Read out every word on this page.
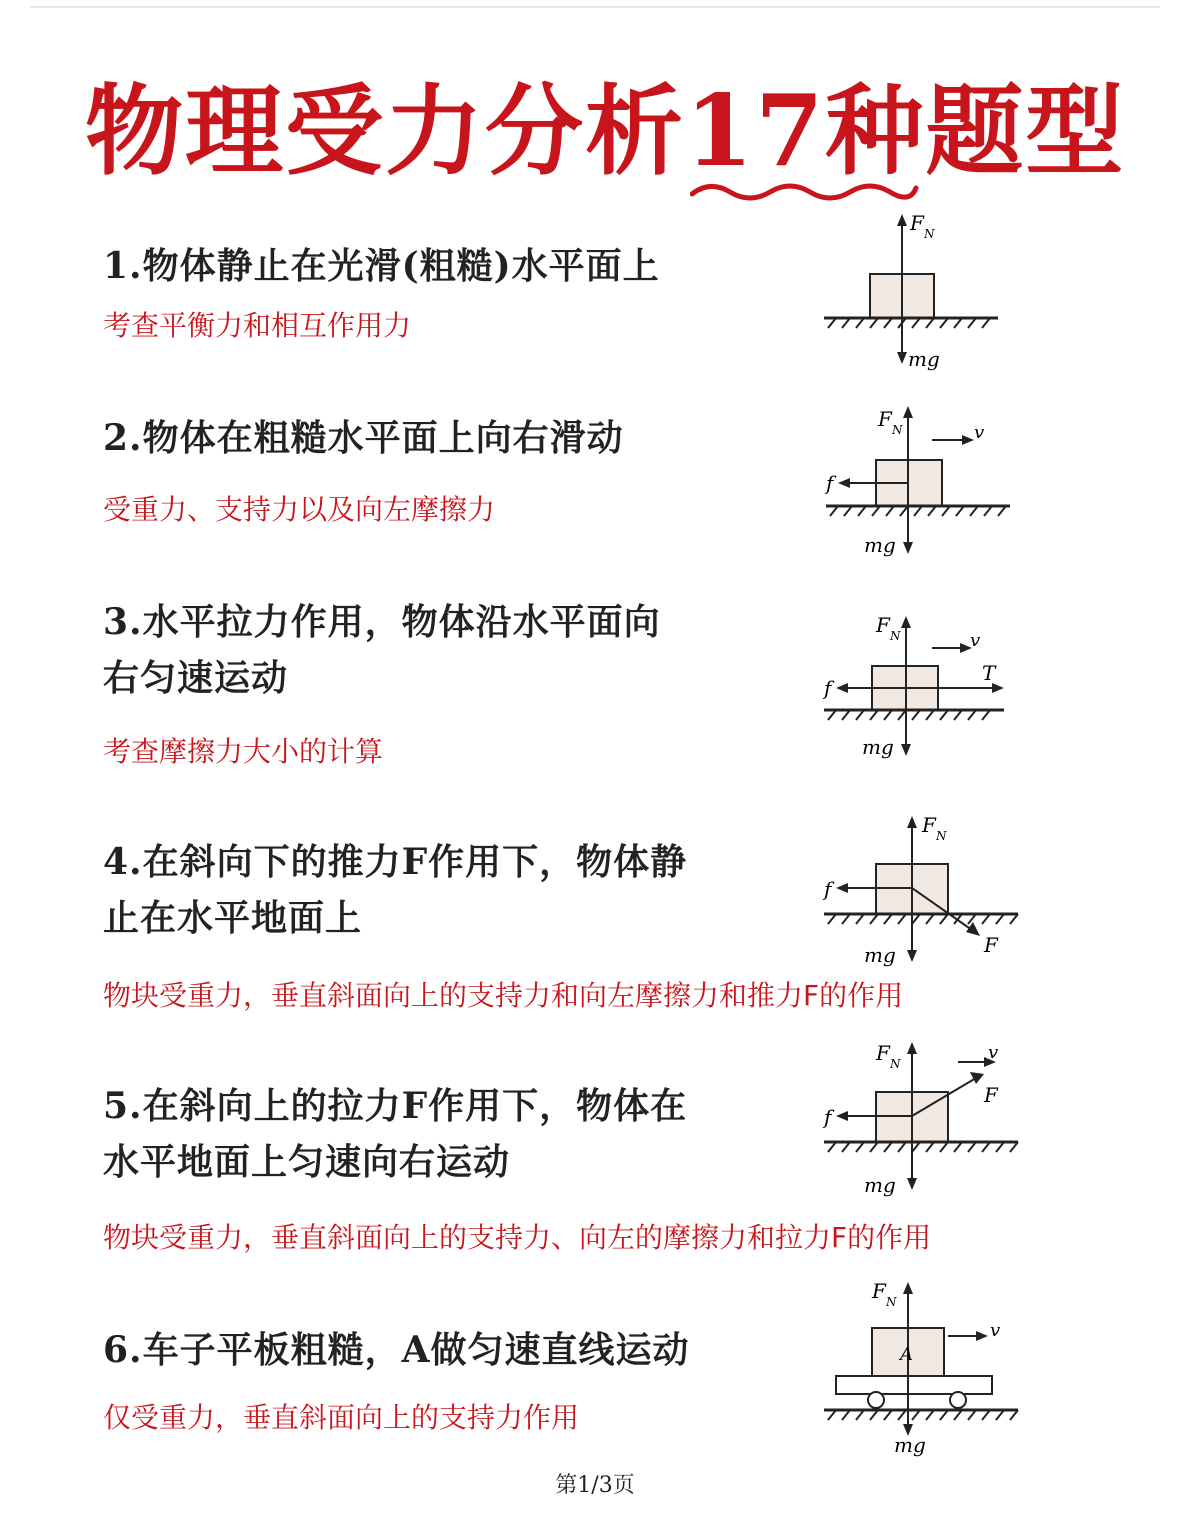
物理受力分析17种题型
1.物体静止在光滑(粗糙)水平面上
考查平衡力和相互作用力
F N
mg
2.物体在粗糙水平面上向右滑动
受重力、支持力以及向左摩擦力
F N
f
v
mg
3.水平拉力作用，物体沿水平面向
右匀速运动
考查摩擦力大小的计算
F N
f
v
T
mg
4.在斜向下的推力F作用下，物体静
止在水平地面上
物块受重力，垂直斜面向上的支持力和向左摩擦力和推力F的作用
F N
f
F
mg
5.在斜向上的拉力F作用下，物体在
水平地面上匀速向右运动
物块受重力，垂直斜面向上的支持力、向左的摩擦力和拉力F的作用
F N
f
v
F
mg
6.车子平板粗糙，A做匀速直线运动
仅受重力，垂直斜面向上的支持力作用
F N
A
v
mg
第1/3页
